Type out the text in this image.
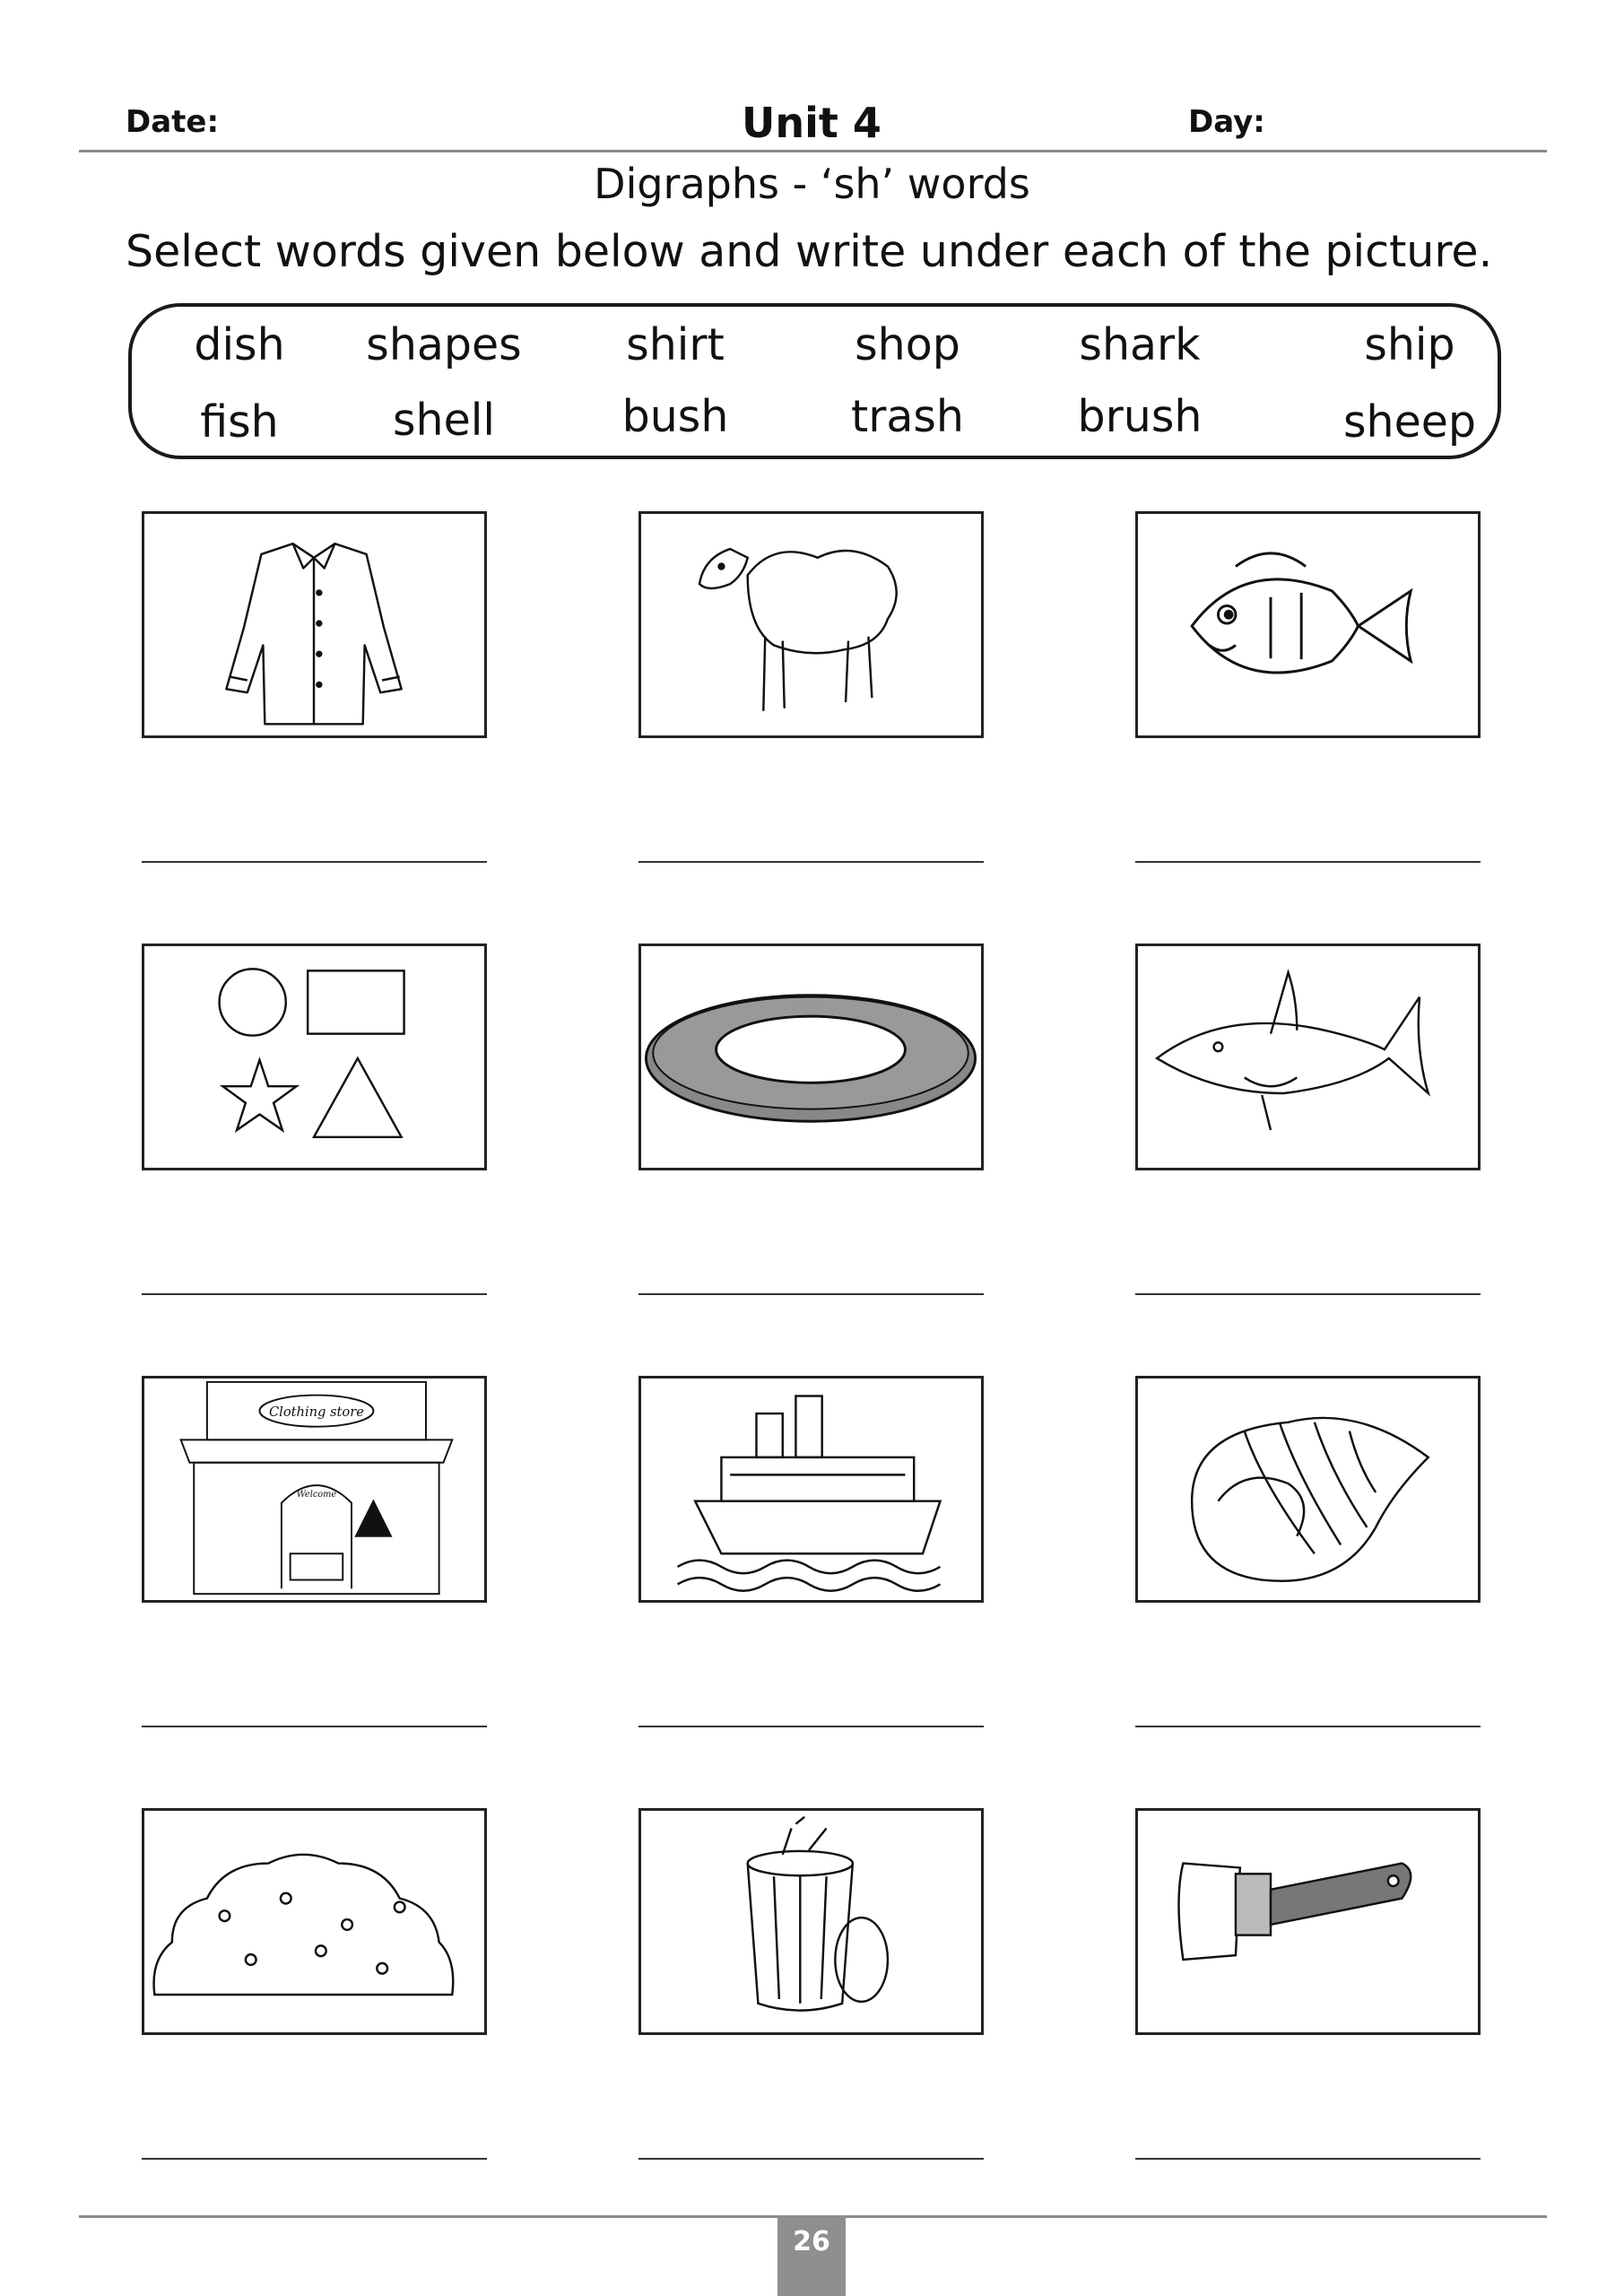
Date:	Unit 4	Day:
Digraphs - ‘sh’ words
Select words given below and write under each of the picture.
dish	shapes	shirt	shop	shark	ship
fish	shell	bush	trash	brush	sheep
Clothing store
Welcome
26
